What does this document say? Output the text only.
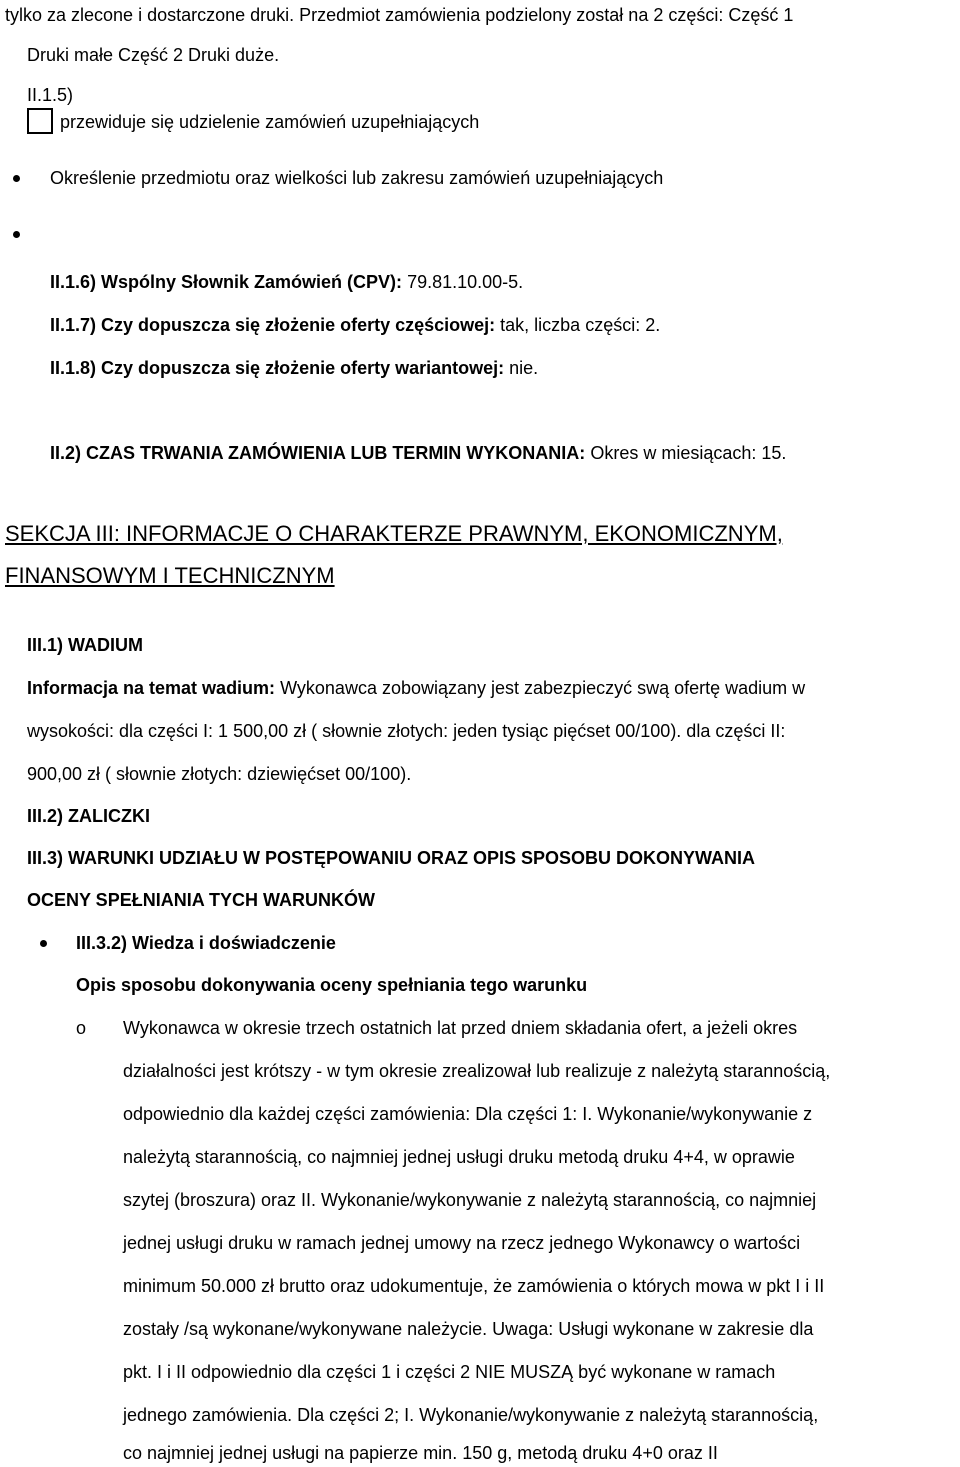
tylko za zlecone i dostarczone druki. Przedmiot zamówienia podzielony został na 2 części: Część 1
Druki małe Część 2 Druki duże.
II.1.5)
przewiduje się udzielenie zamówień uzupełniających
Określenie przedmiotu oraz wielkości lub zakresu zamówień uzupełniających
II.1.6) Wspólny Słownik Zamówień (CPV): 79.81.10.00-5.
II.1.7) Czy dopuszcza się złożenie oferty częściowej: tak, liczba części: 2.
II.1.8) Czy dopuszcza się złożenie oferty wariantowej: nie.
II.2) CZAS TRWANIA ZAMÓWIENIA LUB TERMIN WYKONANIA: Okres w miesiącach: 15.
SEKCJA III: INFORMACJE O CHARAKTERZE PRAWNYM, EKONOMICZNYM,
FINANSOWYM I TECHNICZNYM
III.1) WADIUM
Informacja na temat wadium: Wykonawca zobowiązany jest zabezpieczyć swą ofertę wadium w
wysokości: dla części I: 1 500,00 zł ( słownie złotych: jeden tysiąc pięćset 00/100). dla części II:
900,00 zł ( słownie złotych: dziewięćset 00/100).
III.2) ZALICZKI
III.3) WARUNKI UDZIAŁU W POSTĘPOWANIU ORAZ OPIS SPOSOBU DOKONYWANIA
OCENY SPEŁNIANIA TYCH WARUNKÓW
III.3.2) Wiedza i doświadczenie
Opis sposobu dokonywania oceny spełniania tego warunku
o Wykonawca w okresie trzech ostatnich lat przed dniem składania ofert, a jeżeli okres
działalności jest krótszy - w tym okresie zrealizował lub realizuje z należytą starannością,
odpowiednio dla każdej części zamówienia: Dla części 1: I. Wykonanie/wykonywanie z
należytą starannością, co najmniej jednej usługi druku metodą druku 4+4, w oprawie
szytej (broszura) oraz II. Wykonanie/wykonywanie z należytą starannością, co najmniej
jednej usługi druku w ramach jednej umowy na rzecz jednego Wykonawcy o wartości
minimum 50.000 zł brutto oraz udokumentuje, że zamówienia o których mowa w pkt I i II
zostały /są wykonane/wykonywane należycie. Uwaga: Usługi wykonane w zakresie dla
pkt. I i II odpowiednio dla części 1 i części 2 NIE MUSZĄ być wykonane w ramach
jednego zamówienia. Dla części 2; I. Wykonanie/wykonywanie z należytą starannością,
co najmniej jednej usługi na papierze min. 150 g, metodą druku 4+0 oraz II
